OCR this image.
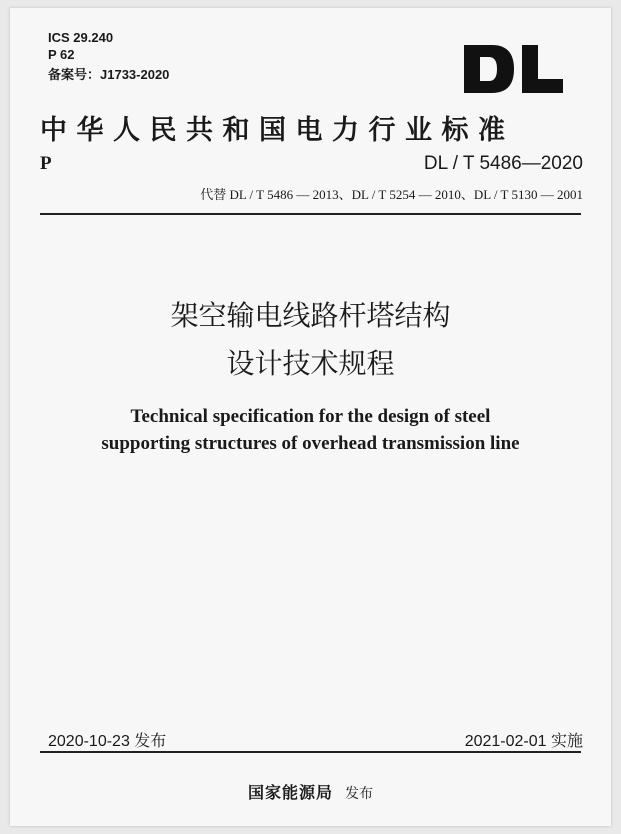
ICS 29.240
P 62
备案号：J1733-2020
中华人民共和国电力行业标准
P	DL / T 5486—2020
代替 DL / T 5486 — 2013、DL / T 5254 — 2010、DL / T 5130 — 2001
架空输电线路杆塔结构
设计技术规程
Technical specification for the design of steel
supporting structures of overhead transmission line
2020-10-23 发布	2021-02-01 实施
国家能源局 发布
